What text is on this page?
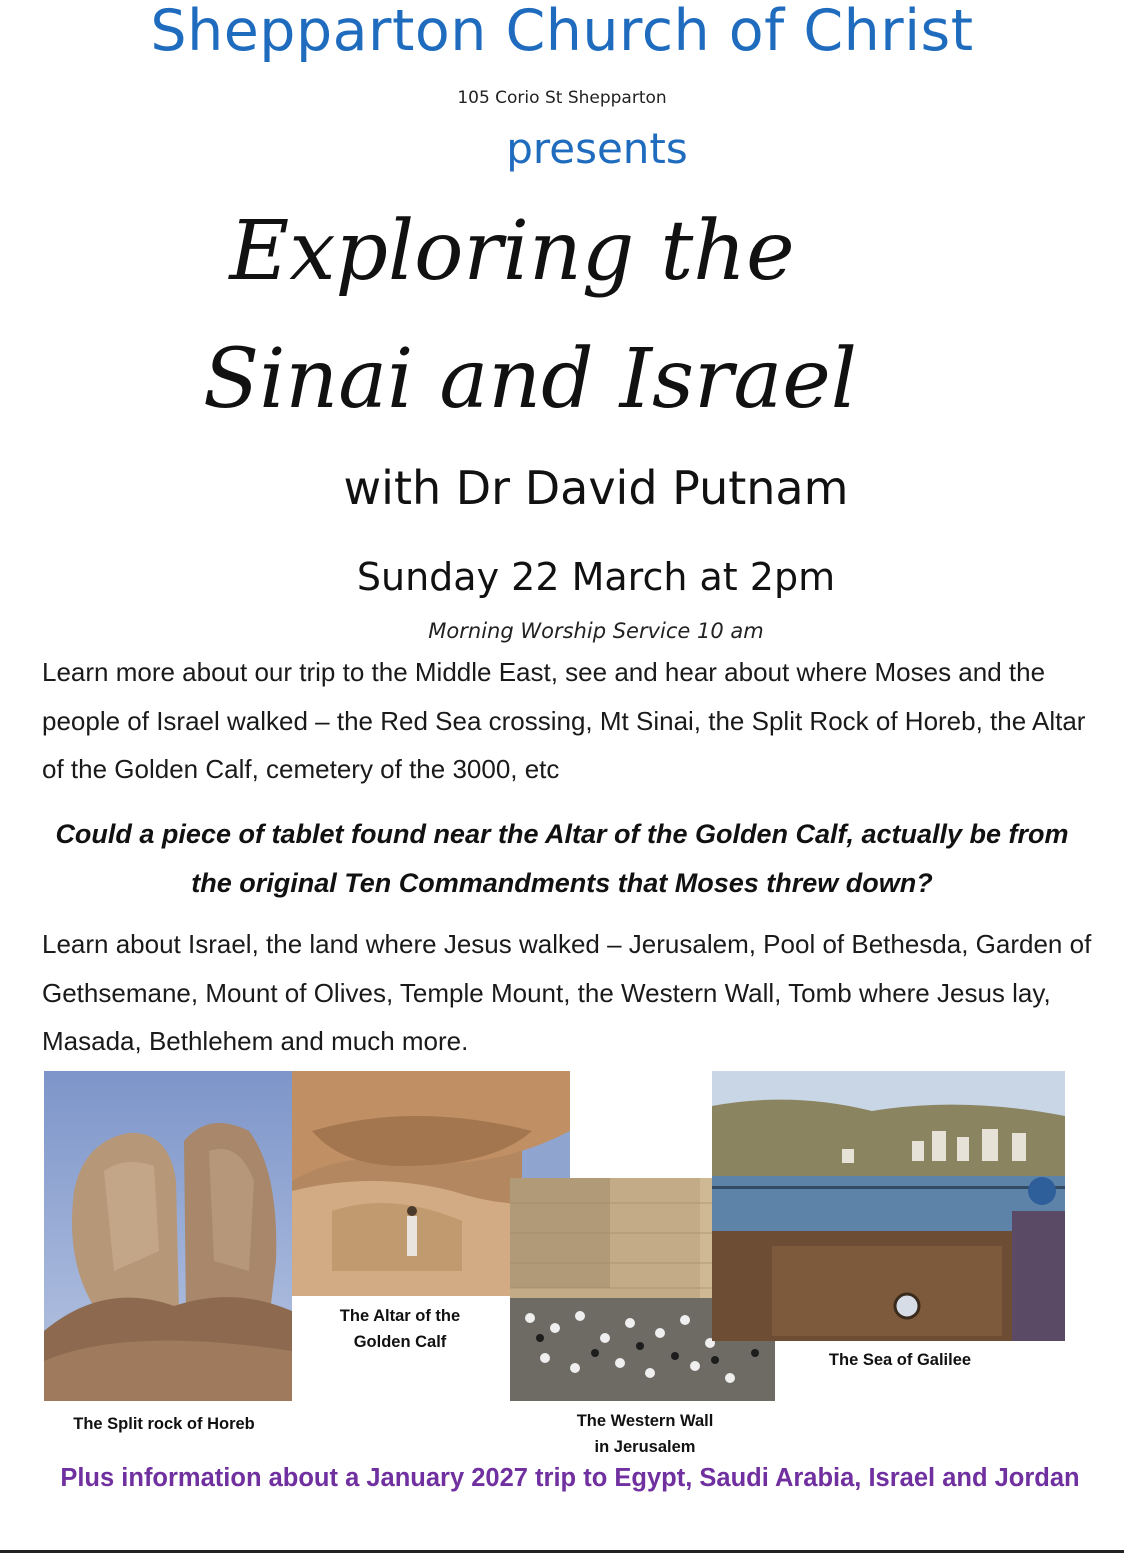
Shepparton Church of Christ
105 Corio St Shepparton
presents
Exploring the
Sinai and Israel
with Dr David Putnam
Sunday 22 March at 2pm
Morning Worship Service 10 am
Learn more about our trip to the Middle East, see and hear about where Moses and the people of Israel walked – the Red Sea crossing, Mt Sinai, the Split Rock of Horeb, the Altar of the Golden Calf, cemetery of the 3000, etc
Could a piece of tablet found near the Altar of the Golden Calf, actually be from the original Ten Commandments that Moses threw down?
Learn about Israel, the land where Jesus walked – Jerusalem, Pool of Bethesda, Garden of Gethsemane, Mount of Olives, Temple Mount, the Western Wall, Tomb where Jesus lay, Masada, Bethlehem and much more.
The Split rock of Horeb
The Altar of the
Golden Calf
The Western Wall
in Jerusalem
The Sea of Galilee
Plus information about a January 2027 trip to Egypt, Saudi Arabia, Israel and Jordan
